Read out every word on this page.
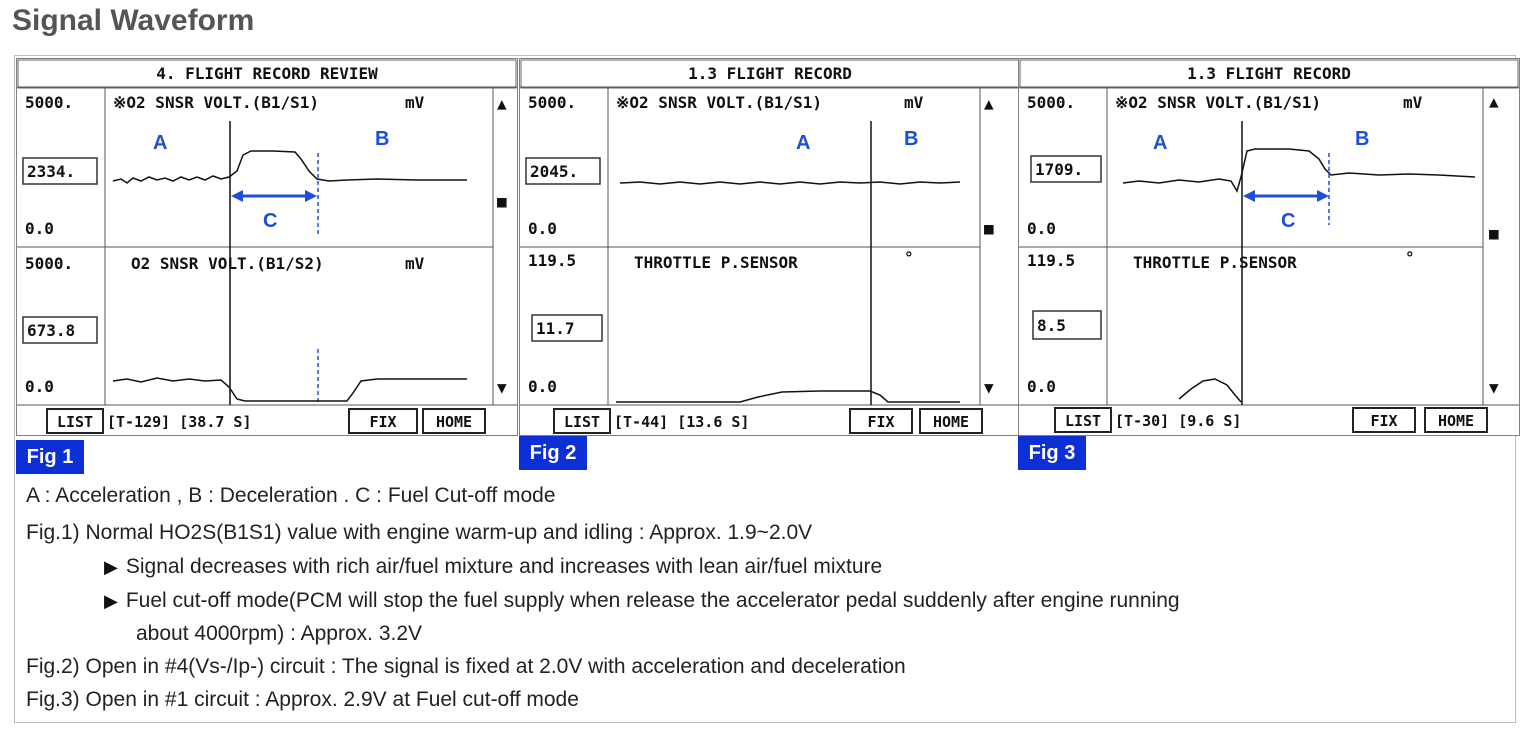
Signal Waveform
4. FLIGHT RECORD REVIEW
5000. ※O2 SNSR VOLT.(B1/S1)	mV
2334.
0.0
A	B
C
5000.	O2 SNSR VOLT.(B1/S2)	mV
673.8
0.0
▲
■
▼
LIST [T-129] [38.7 S]	FIX	HOME
1.3 FLIGHT RECORD
5000. ※O2 SNSR VOLT.(B1/S1)	mV
2045.
0.0
A	B
119.5	THROTTLE P.SENSOR	°
11.7
0.0
▲
■
▼
LIST [T-44] [13.6 S]	FIX	HOME
1.3 FLIGHT RECORD
5000. ※O2 SNSR VOLT.(B1/S1)	mV
1709.
0.0
A	B
C
119.5	THROTTLE P.SENSOR	°
8.5
0.0
▲
■
▼
LIST [T-30] [9.6 S]	FIX	HOME
Fig 1	Fig 2	Fig 3
A : Acceleration , B : Deceleration . C : Fuel Cut-off mode
Fig.1) Normal HO2S(B1S1) value with engine warm-up and idling : Approx. 1.9~2.0V
▶ Signal decreases with rich air/fuel mixture and increases with lean air/fuel mixture
▶ Fuel cut-off mode(PCM will stop the fuel supply when release the accelerator pedal suddenly after engine running
about 4000rpm) : Approx. 3.2V
Fig.2) Open in #4(Vs-/Ip-) circuit : The signal is fixed at 2.0V with acceleration and deceleration
Fig.3) Open in #1 circuit : Approx. 2.9V at Fuel cut-off mode
